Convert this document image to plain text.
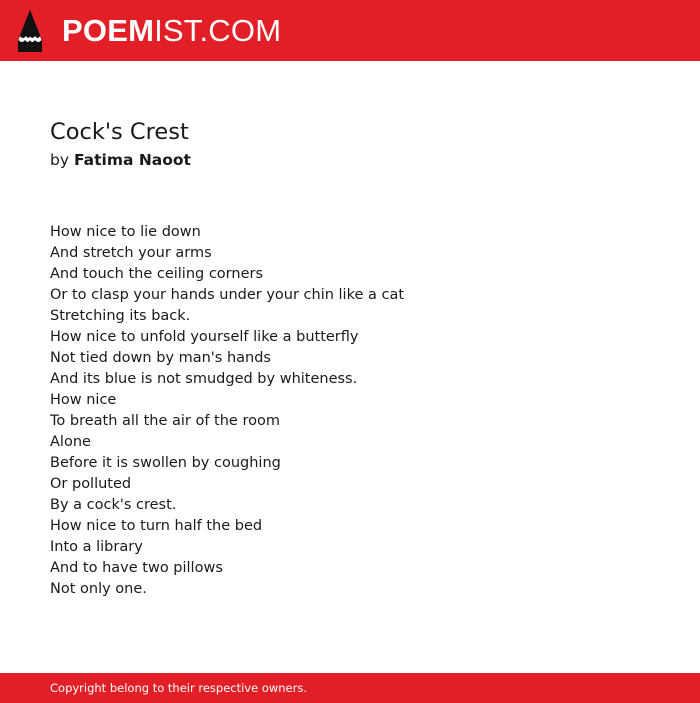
POEMIST.COM
Cock's Crest

by Fatima Naoot

How nice to lie down
And stretch your arms
And touch the ceiling corners
Or to clasp your hands under your chin like a cat
Stretching its back.
How nice to unfold yourself like a butterfly
Not tied down by man's hands
And its blue is not smudged by whiteness.
How nice
To breath all the air of the room
Alone
Before it is swollen by coughing
Or polluted
By a cock's crest.
How nice to turn half the bed
Into a library
And to have two pillows
Not only one.
Copyright belong to their respective owners.
